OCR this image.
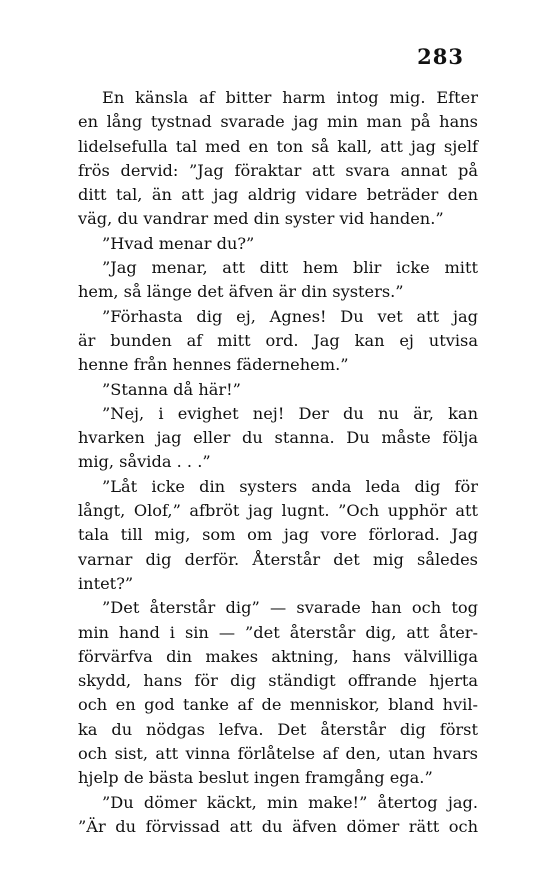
283
En känsla af bitter harm intog mig. Efter
en lång tystnad svarade jag min man på hans
lidelsefulla tal med en ton så kall, att jag sjelf
frös dervid: ”Jag föraktar att svara annat på
ditt tal, än att jag aldrig vidare beträder den
väg, du vandrar med din syster vid handen.”
”Hvad menar du?”
”Jag menar, att ditt hem blir icke mitt
hem, så länge det äfven är din systers.”
”Förhasta dig ej, Agnes! Du vet att jag
är bunden af mitt ord. Jag kan ej utvisa
henne från hennes fädernehem.”
”Stanna då här!”
”Nej, i evighet nej! Der du nu är, kan
hvarken jag eller du stanna. Du måste följa
mig, såvida . . .”
”Låt icke din systers anda leda dig för
långt, Olof,” afbröt jag lugnt. ”Och upphör att
tala till mig, som om jag vore förlorad. Jag
varnar dig derför. Återstår det mig således
intet?”
”Det återstår dig” — svarade han och tog
min hand i sin — ”det återstår dig, att åter-
förvärfva din makes aktning, hans välvilliga
skydd, hans för dig ständigt offrande hjerta
och en god tanke af de menniskor, bland hvil-
ka du nödgas lefva. Det återstår dig först
och sist, att vinna förlåtelse af den, utan hvars
hjelp de bästa beslut ingen framgång ega.”
”Du dömer käckt, min make!” återtog jag.
”Är du förvissad att du äfven dömer rätt och
